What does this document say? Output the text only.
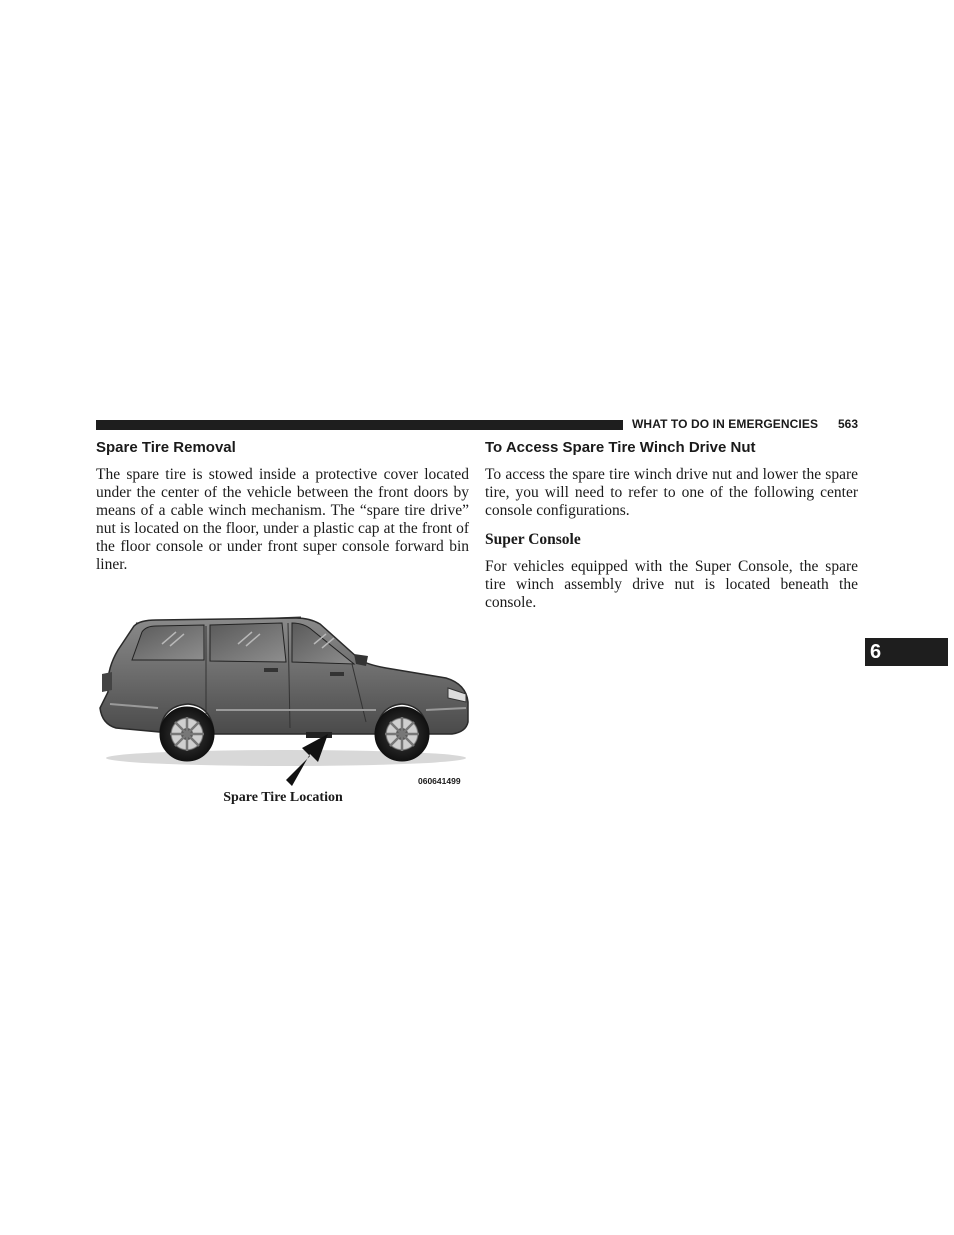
WHAT TO DO IN EMERGENCIES 563
Spare Tire Removal

The spare tire is stowed inside a protective cover located under the center of the vehicle between the front doors by means of a cable winch mechanism. The “spare tire drive” nut is located on the floor, under a plastic cap at the front of the floor console or under front super console forward bin liner.

To Access Spare Tire Winch Drive Nut

To access the spare tire winch drive nut and lower the spare tire, you will need to refer to one of the following center console configurations.

Super Console

For vehicles equipped with the Super Console, the spare tire winch assembly drive nut is located beneath the console.

060641499
Spare Tire Location
6
